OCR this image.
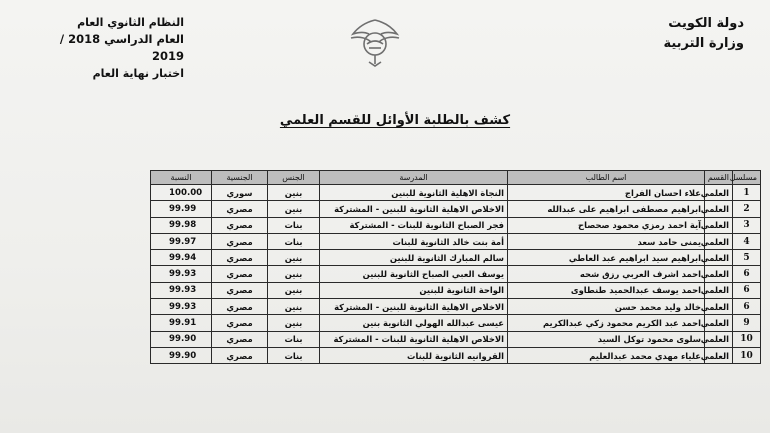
دولة الكويت
وزارة التربية
النظام الثانوي العام
العام الدراسي 2018 / 2019
اختبار نهاية العام
كشف بالطلبة الأوائل للقسم العلمي
مسلسل	القسم	اسم الطالب	المدرسة	الجنس	الجنسية	النسبة
1	العلمي	علاء احسان الفراج	النجاة الاهلية الثانوية للبنين	بنين	سوري	100.00
2	العلمي	ابراهيم مصطفى ابراهيم على عبدالله	الاخلاص الاهلية الثانوية للبنين - المشتركة	بنين	مصري	99.99
3	العلمي	آية احمد رمزي محمود صحصاح	فجر الصباح الثانوية للبنات - المشتركة	بنات	مصري	99.98
4	العلمي	يمنى حامد سعد	أمة بنت خالد الثانوية للبنات	بنات	مصري	99.97
5	العلمي	ابراهيم سيد ابراهيم عبد العاطي	سالم المبارك الثانوية للبنين	بنين	مصري	99.94
6	العلمي	احمد اشرف العربي رزق شحه	يوسف العبي الصباح الثانوية للبنين	بنين	مصري	99.93
6	العلمي	احمد يوسف عبدالحميد طنطاوى	الواحة الثانوية للبنين	بنين	مصري	99.93
6	العلمي	خالد وليد محمد حسن	الاخلاص الاهلية الثانوية للبنين - المشتركة	بنين	مصري	99.93
9	العلمي	احمد عبد الكريم محمود زكي عبدالكريم	عيسى عبدالله الهولي الثانوية بنين	بنين	مصري	99.91
10	العلمي	سلوى محمود توكل السيد	الاخلاص الاهلية الثانوية للبنات - المشتركة	بنات	مصري	99.90
10	العلمي	علياء مهدي محمد عبدالعليم	القروانيه الثانوية للبنات	بنات	مصري	99.90
